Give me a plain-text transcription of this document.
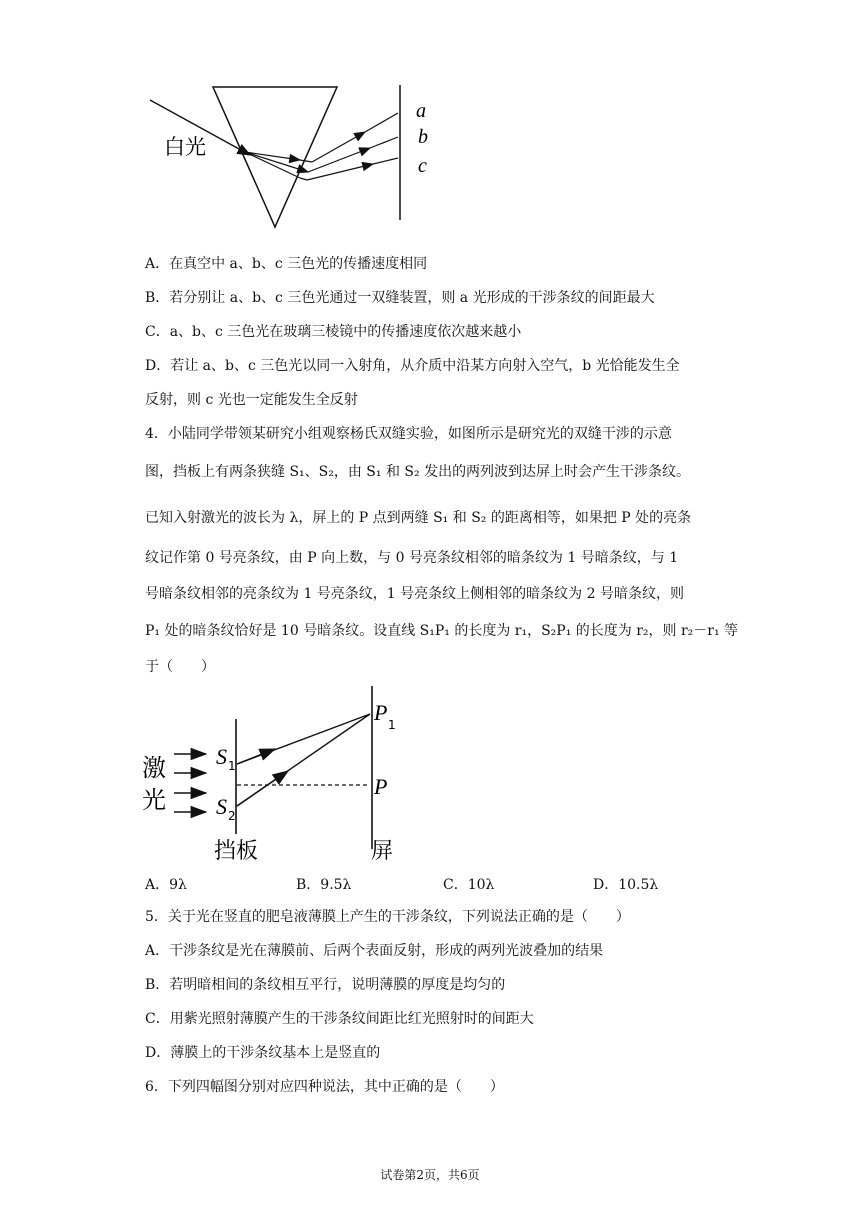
白光
a
b
c
A．在真空中 a、b、c 三色光的传播速度相同
B．若分别让 a、b、c 三色光通过一双缝装置，则 a 光形成的干涉条纹的间距最大
C．a、b、c 三色光在玻璃三棱镜中的传播速度依次越来越小
D．若让 a、b、c 三色光以同一入射角，从介质中沿某方向射入空气，b 光恰能发生全
反射，则 c 光也一定能发生全反射
4．小陆同学带领某研究小组观察杨氏双缝实验，如图所示是研究光的双缝干涉的示意
图，挡板上有两条狭缝 S₁、S₂，由 S₁ 和 S₂ 发出的两列波到达屏上时会产生干涉条纹。
已知入射激光的波长为 λ，屏上的 P 点到两缝 S₁ 和 S₂ 的距离相等，如果把 P 处的亮条
纹记作第 0 号亮条纹，由 P 向上数，与 0 号亮条纹相邻的暗条纹为 1 号暗条纹，与 1
号暗条纹相邻的亮条纹为 1 号亮条纹，1 号亮条纹上侧相邻的暗条纹为 2 号暗条纹，则
P₁ 处的暗条纹恰好是 10 号暗条纹。设直线 S₁P₁ 的长度为 r₁，S₂P₁ 的长度为 r₂，则 r₂－r₁ 等
于（　　）
激
光
S 1
S 2
P 1
P
挡板	屏
A．9λ	B．9.5λ	C．10λ	D．10.5λ
5．关于光在竖直的肥皂液薄膜上产生的干涉条纹，下列说法正确的是（　　）
A．干涉条纹是光在薄膜前、后两个表面反射，形成的两列光波叠加的结果
B．若明暗相间的条纹相互平行，说明薄膜的厚度是均匀的
C．用紫光照射薄膜产生的干涉条纹间距比红光照射时的间距大
D．薄膜上的干涉条纹基本上是竖直的
6．下列四幅图分别对应四种说法，其中正确的是（　　）
试卷第2页，共6页
